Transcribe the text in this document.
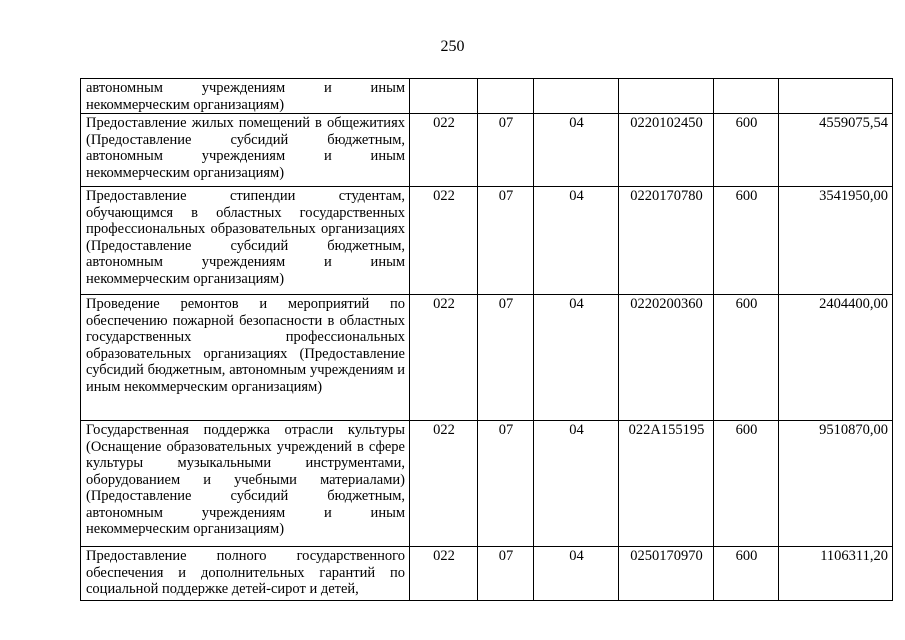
250
автономным учреждениям и иным некоммерческим организациям)						
Предоставление жилых помещений в общежитиях (Предоставление субсидий бюджетным, автономным учреждениям и иным некоммерческим организациям)	022	07	04	0220102450	600	4559075,54
Предоставление стипендии студентам, обучающимся в областных государственных профессиональных образовательных организациях (Предоставление субсидий бюджетным, автономным учреждениям и иным некоммерческим организациям)	022	07	04	0220170780	600	3541950,00
Проведение ремонтов и мероприятий по обеспечению пожарной безопасности в областных государственных профессиональных образовательных организациях (Предоставление субсидий бюджетным, автономным учреждениям и иным некоммерческим организациям)	022	07	04	0220200360	600	2404400,00
Государственная поддержка отрасли культуры (Оснащение образовательных учреждений в сфере культуры музыкальными инструментами, оборудованием и учебными материалами) (Предоставление субсидий бюджетным, автономным учреждениям и иным некоммерческим организациям)	022	07	04	022A155195	600	9510870,00
Предоставление полного государственного обеспечения и дополнительных гарантий по социальной поддержке детей-сирот и детей,	022	07	04	0250170970	600	1106311,20
